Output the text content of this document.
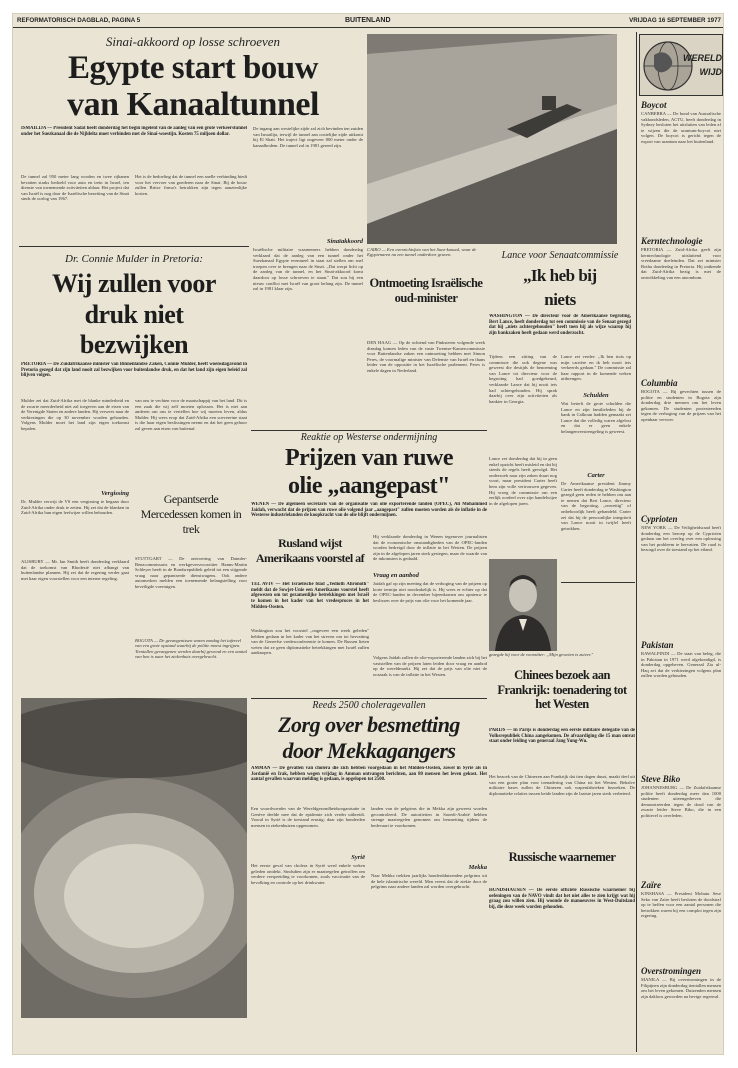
REFORMATORISCH DAGBLAD, PAGINA 5	BUITENLAND	VRIJDAG 16 SEPTEMBER 1977
Sinai-akkoord op losse schroeven
Egypte start bouw
van Kanaaltunnel
ISMAILIJA — President Sadat heeft donderdag het begin ingeleid van de aanleg van een grote verkeerstunnel onder het Suezkanaal die de Nijldelta moet verbinden met de Sinaï-woestijn. Kosten 75 miljoen dollar.
De tunnel zal 950 meter lang worden en twee rijbanen bevatten straks bedoeld voor auto en trein in Israel, ten dienste van toenemende activiteiten aldaar. Het project dat van Israël is nog door de Israëlische bezetting van de Sinaï sinds de oorlog van 1967.
Het is de bedoeling dat de tunnel een snelle verbinding biedt voor het vervoer van goederen naar de Sinaï. Bij de bouw zullen Britse firma's betrokken zijn tegen aanzienlijke kosten.
De ingang aan westelijke zijde zal zich bevinden ten zuiden van Ismailija, terwijl de tunnel aan oostelijke zijde uitkomt bij El Shatt. Het traject ligt ongeveer 800 meter onder de kanaalbodem. De tunnel zal in 1981 gereed zijn.
Sinaïakkoord
Israëlische militaire waarnemers hebben donderdag verklaard dat de aanleg van een tunnel onder het Suezkanaal Egypte eventueel in staat zal stellen om snel troepen over te brengen naar de Sinaï. „Dat werpt licht op de aanleg van de tunnel, en het Sinaï-akkoord komt daardoor op losse schroeven te staan." Dat zou bij een nieuw conflict met Israël van groot belang zijn. De tunnel zal in 1981 klaar zijn.
CAIRO — Een overzichtsfoto van het Suez-kanaal, waar de Egyptenaren nu een tunnel onderdoor graven.
Ontmoeting Israëlische oud-minister
DEN HAAG — Op de ochtend van Pinksteren volgende week dinsdag komen leden van de vaste Twentse-Kamercommissie voor Buitenlandse zaken een ontmoeting hebben met Simon Peres, de voormalige minister van Defensie van Israël en thans leider van de oppositie in het Israëlische parlement. Peres is enkele dagen in Nederland.
Lance voor Senaatcommissie
,,Ik heb bij
niets
WASHINGTON — De directeur voor de Amerikaanse begroting, Bert Lance, heeft donderdag tot een commissie van de Senaat gezegd dat hij „niets achtergehouden" heeft toen hij als wijze waarop hij zijn bankzaken heeft gedaan werd onderzocht.
Tijdens een zitting van de commissie die ook degene was geweest die destijds de benoeming van Lance tot directeur voor de begroting had goedgekeurd, verklaarde Lance dat hij nooit iets had achtergehouden. Hij sprak daarbij over zijn activiteiten als bankier in Georgia.
Lance zei verder: ,,Ik ben trots op mijn carrière en ik heb nooit iets verkeerds gedaan." De commissie zal haar rapport in de komende weken uitbrengen.
Schulden
Wat betreft de grote schulden die Lance en zijn familieleden bij de bank in Calhoun hadden gemaakt zei Lance dat die volledig waren afgelost en dat er geen enkele belangenverstrengeling is geweest.
Lance zei donderdag dat hij in geen enkel opzicht heeft misleid en dat hij steeds de regels heeft gevolgd. Het onderzoek naar zijn zaken duurt nog voort, maar president Carter heeft hem zijn volle vertrouwen gegeven. Hij vroeg de commissie om een eerlijk oordeel over zijn handelwijze in de afgelopen jaren.
Carter
De Amerikaanse president Jimmy Carter heeft donderdag te Washington gezegd geen reden te hebben om aan te nemen dat Bert Lance, directeur van de begroting, „onwettig" of onbehoorlijk heeft gehandeld. Carter zei dat hij de persoonlijke integriteit van Lance nooit in twijfel heeft getrokken.
gezegde hij voor de voorzitter: „Mijn geweten is zuiver."
Chinees bezoek aan Frankrijk: toenadering tot het Westen
PARIJS — In Parijs is donderdag een eerste militaire delegatie van de Volksrepubliek China aangekomen. De afvaardiging die 15 man omvat staat onder leiding van generaal Jang Yung-Wu.
Het bezoek van de Chinezen aan Frankrijk dat tien dagen duurt, maakt deel uit van een groter plan voor toenadering van China tot het Westen. Behalve militaire bases zullen de Chinezen ook wapenfabrieken bezoeken. De diplomatieke relaties tussen beide landen zijn de laatste jaren sterk verbeterd.
Dr. Connie Mulder in Pretoria:
Wij zullen voor
druk niet
bezwijken
PRETORIA — De Zuidafrikaanse minister van Binnenlandse Zaken, Connie Mulder, heeft woensdagavond in Pretoria gezegd dat zijn land nooit zal bezwijken voor buitenlandse druk, en dat het land zijn eigen beleid zal blijven volgen.
Mulder zei dat Zuid-Afrika met de blanke minderheid en de zwarte meerderheid niet zal toegeven aan de eisen van de Verenigde Staten en andere landen. Hij verwees naar de verkiezingen die op 30 november worden gehouden. Volgens Mulder moet het land zijn eigen toekomst bepalen.
Vergissing
Dr. Mulder verwijt de VS een vergissing te begaan door Zuid-Afrika onder druk te zetten. Hij zei dat de blanken in Zuid-Afrika hun eigen leefwijze willen behouden.
ALISBURY — Mr. Ian Smith heeft donderdag verklaard dat de toekomst van Rhodesië niet afhangt van buitenlandse plannen. Hij zei dat de regering verder gaat met haar eigen voorstellen voor een interne regeling.
van ons te vechten voor de maatschappij van het land. Dit is een zaak die wij zelf moeten oplossen. Het is niet aan anderen om ons te vertellen hoe wij moeten leven, aldus Mulder. Hij wees erop dat Zuid-Afrika een soevereine staat is die haar eigen beslissingen neemt en dat het geen gehoor zal geven aan eisen van buitenaf.
Reaktie op Westerse ondermijning
Prijzen van ruwe
olie „aangepast"
WENEN — De algemeen secretaris van de organisatie van olie exporterende landen (OPEC), Ali Mohammed Jaidah, verwacht dat de prijzen van ruwe olie volgend jaar „aangepast" zullen moeten worden als de inflatie in de Westerse industrielanden de koopkracht van de olie blijft ondermijnen.
Hij verklaarde donderdag in Wenen tegenover journalisten dat de economische omstandigheden van de OPEC-landen worden bedreigd door de inflatie in het Westen. De prijzen zijn in de afgelopen jaren sterk gestegen, maar de waarde van de inkomsten is gedaald.
Vraag en aanbod
Jaidah gaf op zijn meeting dat de verhoging van de prijzen op korte termijn niet noodzakelijk is. Hij wees er echter op dat de OPEC-landen in december bijeenkomen om opnieuw te beslissen over de prijs van olie voor het komende jaar.
Volgens Jaidah zullen de olie-exporterende landen zich bij het vaststellen van de prijzen laten leiden door vraag en aanbod op de wereldmarkt. Hij zei dat de prijs van olie niet de oorzaak is van de inflatie in het Westen.
Gepantserde Mercedessen komen in trek
STUTTGART — De ontvoering van Daimler-Benzcommissaris en werkgeversvoorzitter Hanns-Martin Schleyer heeft in de Bondsrepubliek geleid tot een stijgende vraag naar gepantserde dienstwagens. Ook andere automerken melden een toenemende belangstelling voor beveiligde voertuigen.
Rusland wijst Amerikaans voorstel af
TEL AVIV — Het Israëlische blad „Yedioth Ahronoth" meldt dat de Sowjet-Unie een Amerikaans voorstel heeft afgewezen om tot gezamenlijke betrekkingen met Israël te komen in het kader van het vredesproces in het Midden-Oosten.
Washington zou het voorstel „ongeveer een week geleden" hebben gedaan in het kader van het streven om tot hervatting van de Geneefse vredesconferentie te komen. De Russen lieten weten dat ze geen diplomatieke betrekkingen met Israël zullen aanknopen.
BOGOTA — De gevangenissen waren zondag het tafereel van een grote opstand waarbij de politie moest ingrijpen. Tientallen gevangenen werden daarbij gewond en een aantal van hen is naar het ziekenhuis overgebracht.
Reeds 2500 choleragevallen
Zorg over besmetting
door Mekkagangers
AMMAN — De gevallen van cholera die zich hebben voorgedaan in het Midden-Oosten, zowel in Syrië als in Jordanië en Irak, hebben wegen vrijdag in Amman ontvangen berichten, aan 80 mensen het leven gekost. Het aantal gevallen waarvan melding is gedaan, is opgelopen tot 2500.
Een woordvoerder van de Wereldgezondheidsorganisatie in Genève deelde mee dat de epidemie zich verder uitbreidt. Vooral in Syrië is de toestand ernstig; daar zijn honderden mensen in ziekenhuizen opgenomen.
Syrië
Het eerste geval van cholera in Syrië werd enkele weken geleden ontdekt. Sindsdien zijn er maatregelen getroffen om verdere verspreiding te voorkomen, zoals vaccinatie van de bevolking en controle op het drinkwater.
landen van de pelgrims die in Mekka zijn geweest worden gecontroleerd. De autoriteiten in Saoedi-Arabië hebben strenge maatregelen genomen om besmetting tijdens de bedevaart te voorkomen.
Mekka
Naar Mekka trekken jaarlijks honderdduizenden pelgrims uit de hele islamitische wereld. Men vreest dat de ziekte door de pelgrims naar andere landen zal worden overgebracht.
Russische waarnemer
HUNDSHAUSEN — De eerste officiële Russische waarnemer bij oefeningen van de NAVO vindt dat het niet alles te zien krijgt wat hij graag zou willen zien. Hij woonde de manoeuvres in West-Duitsland bij, die deze week worden gehouden.
WERELD
WIJD
Boycot
CANBERRA — De bond van Australische vakbondsleden, ACTU, heeft donderdag in Sydney besloten het uitsluiten van leden af te wijzen die de uranium-boycot niet volgen. De boycot is gericht tegen de export van uranium naar het buitenland.
Kerntechnologie
PRETORIA — Zuid-Afrika geeft zijn kerntechnologie uitsluitend voor vreedzame doeleinden. Dat zei minister Botha donderdag in Pretoria. Hij ontkende dat Zuid-Afrika bezig is met de ontwikkeling van een atoombom.
Columbia
BOGOTA — Bij gevechten tussen de politie en studenten in Bogota zijn donderdag drie mensen om het leven gekomen. De studenten protesteerden tegen de verhoging van de prijzen van het openbaar vervoer.
Cyprioten
NEW YORK — De Veiligheidsraad heeft donderdag een beroep op de Cyprioten gedaan om het overleg over een oplossing van het probleem te hervatten. De raad is bezorgd over de toestand op het eiland.
Pakistan
RAWALPINDI — De staat van beleg, die in Pakistan in 1971 werd afgekondigd, is donderdag opgeheven. Generaal Zia ul-Haq zei dat de verkiezingen volgens plan zullen worden gehouden.
Steve Biko
JOHANNESBURG — De Zuidafrikaanse politie heeft donderdag meer dan 1000 studenten uiteengedreven die demonstreerden tegen de dood van de zwarte leider Steve Biko, die in een politiecel is overleden.
Zaïre
KINSHASA — President Mobutu Sese Seko van Zaïre heeft besloten de doodstraf op te heffen voor een aantal personen die betrokken waren bij een complot tegen zijn regering.
Overstromingen
MANILA — Bij overstromingen in de Filipijnen zijn donderdag tientallen mensen om het leven gekomen. Duizenden mensen zijn dakloos geworden na hevige regenval.
